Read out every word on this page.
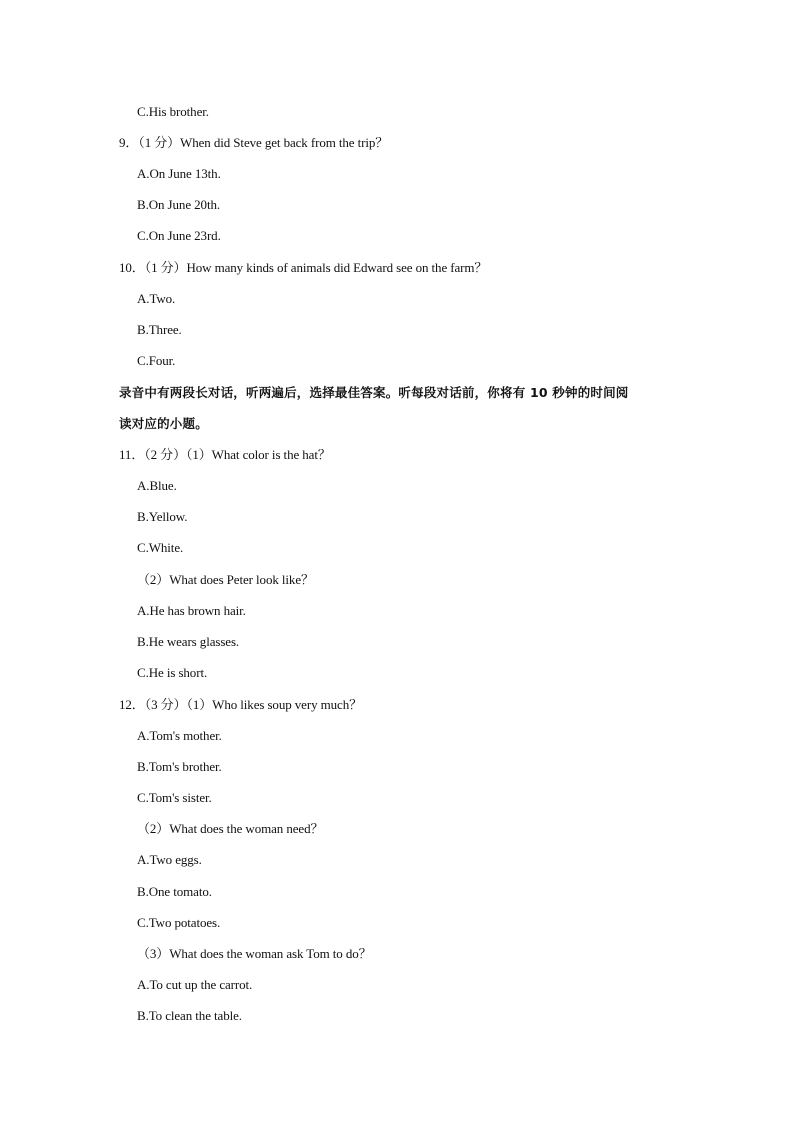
C.His brother.
9．（1 分）When did Steve get back from the trip？
A.On June 13th.
B.On June 20th.
C.On June 23rd.
10．（1 分）How many kinds of animals did Edward see on the farm？
A.Two.
B.Three.
C.Four.
录音中有两段长对话，听两遍后，选择最佳答案。听每段对话前，你将有 10 秒钟的时间阅
读对应的小题。
11．（2 分）（1）What color is the hat？
A.Blue.
B.Yellow.
C.White.
（2）What does Peter look like？
A.He has brown hair.
B.He wears glasses.
C.He is short.
12．（3 分）（1）Who likes soup very much？
A.Tom's mother.
B.Tom's brother.
C.Tom's sister.
（2）What does the woman need？
A.Two eggs.
B.One tomato.
C.Two potatoes.
（3）What does the woman ask Tom to do？
A.To cut up the carrot.
B.To clean the table.
